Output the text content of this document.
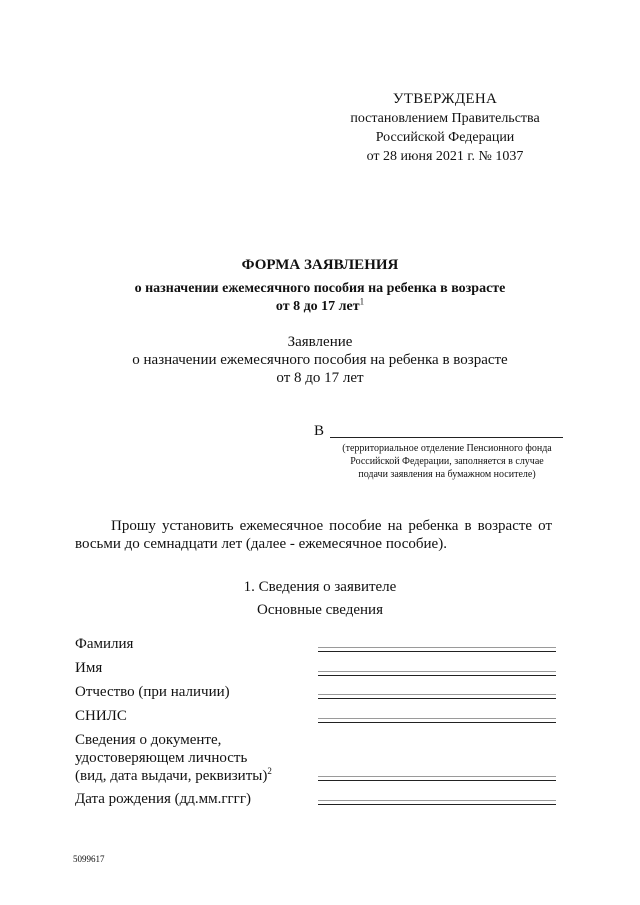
УТВЕРЖДЕНА
постановлением Правительства
Российской Федерации
от 28 июня 2021 г. № 1037
ФОРМА ЗАЯВЛЕНИЯ
о назначении ежемесячного пособия на ребенка в возрасте
от 8 до 17 лет$^1$
Заявление
о назначении ежемесячного пособия на ребенка в возрасте
от 8 до 17 лет
В
(территориальное отделение Пенсионного фонда Российской Федерации, заполняется в случае подачи заявления на бумажном носителе)
Прошу установить ежемесячное пособие на ребенка в возрасте от восьми до семнадцати лет (далее - ежемесячное пособие).
1. Сведения о заявителе
Основные сведения
Фамилия
Имя
Отчество (при наличии)
СНИЛС
Сведения о документе,
удостоверяющем личность
(вид, дата выдачи, реквизиты)$^2$
Дата рождения (дд.мм.гггг)
5099617
